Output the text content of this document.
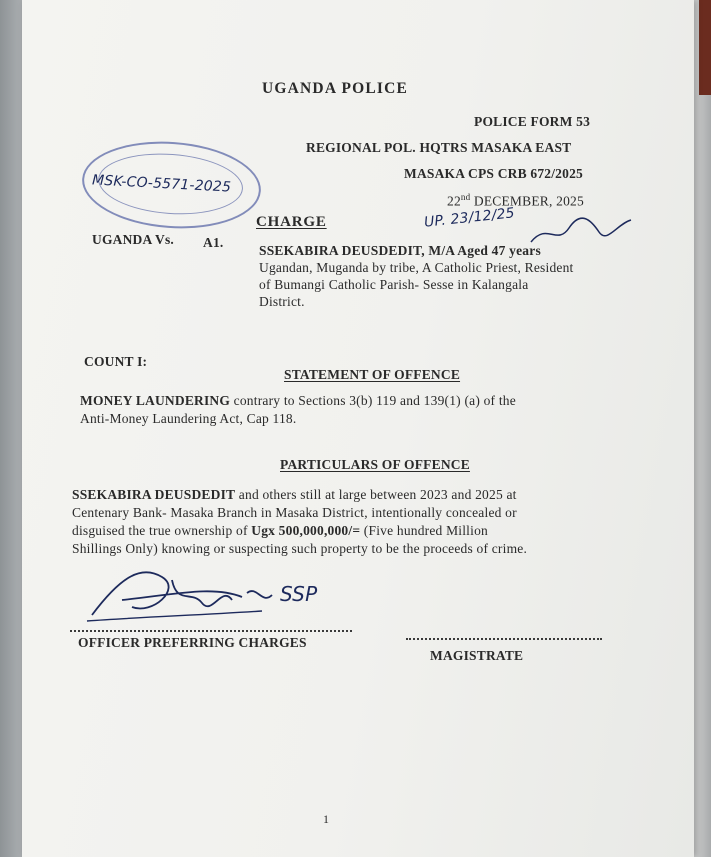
UGANDA POLICE
POLICE FORM 53
REGIONAL POL. HQTRS MASAKA EAST
MASAKA CPS CRB 672/2025
22nd DECEMBER, 2025
MSK-CO-5571-2025
UP. 23/12/25
CHARGE
UGANDA Vs. A1.
SSEKABIRA DEUSDEDIT, M/A Aged 47 years
Ugandan, Muganda by tribe, A Catholic Priest, Resident
of Bumangi Catholic Parish- Sesse in Kalangala
District.
COUNT I:
STATEMENT OF OFFENCE
MONEY LAUNDERING contrary to Sections 3(b) 119 and 139(1) (a) of the
Anti-Money Laundering Act, Cap 118.
PARTICULARS OF OFFENCE
SSEKABIRA DEUSDEDIT and others still at large between 2023 and 2025 at
Centenary Bank- Masaka Branch in Masaka District, intentionally concealed or
disguised the true ownership of Ugx 500,000,000/= (Five hundred Million
Shillings Only) knowing or suspecting such property to be the proceeds of crime.
SSP
OFFICER PREFERRING CHARGES
MAGISTRATE
1
